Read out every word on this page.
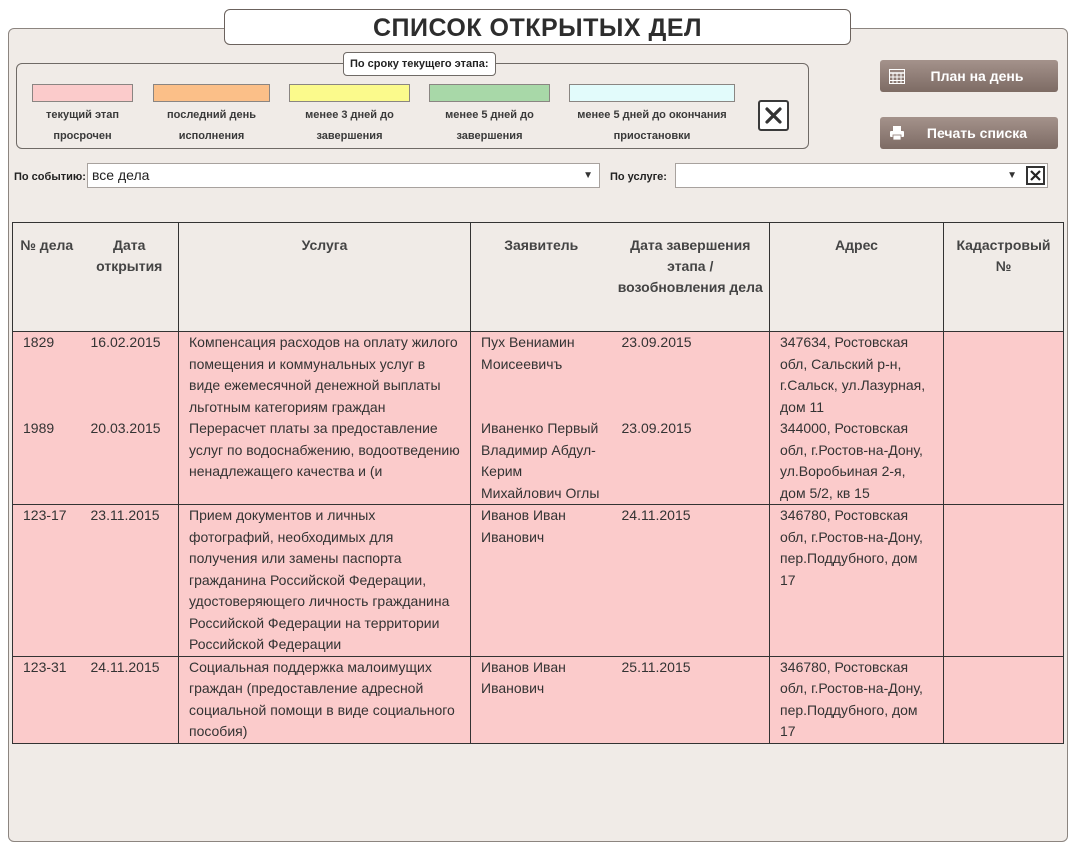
СПИСОК ОТКРЫТЫХ ДЕЛ
По сроку текущего этапа:
текущий этап
просрочен
последний день
исполнения
менее 3 дней до
завершения
менее 5 дней до
завершения
менее 5 дней до окончания
приостановки
План на день
Печать списка
По событию: все дела	▼ По услуге:	▼
№ дела	Дата открытия	Услуга	Заявитель	Дата завершения этапа / возобновления дела	Адрес	Кадастровый №
1829	16.02.2015	Компенсация расходов на оплату жилого помещения и коммунальных услуг в виде ежемесячной денежной выплаты льготным категориям граждан	Пух Вениамин Моисеевичъ	23.09.2015	347634, Ростовская обл, Сальский р-н, г.Сальск, ул.Лазурная, дом 11	
1989	20.03.2015	Перерасчет платы за предоставление услуг по водоснабжению, водоотведению ненадлежащего качества и (и	Иваненко Первый Владимир Абдул-Керим Михайлович Оглы	23.09.2015	344000, Ростовская обл, г.Ростов-на-Дону, ул.Воробьиная 2-я, дом 5/2, кв 15	
123-17	23.11.2015	Прием документов и личных фотографий, необходимых для получения или замены паспорта гражданина Российской Федерации, удостоверяющего личность гражданина Российской Федерации на территории Российской Федерации	Иванов Иван Иванович	24.11.2015	346780, Ростовская обл, г.Ростов-на-Дону, пер.Поддубного, дом 17	
123-31	24.11.2015	Социальная поддержка малоимущих граждан (предоставление адресной социальной помощи в виде социального пособия)	Иванов Иван Иванович	25.11.2015	346780, Ростовская обл, г.Ростов-на-Дону, пер.Поддубного, дом 17	
